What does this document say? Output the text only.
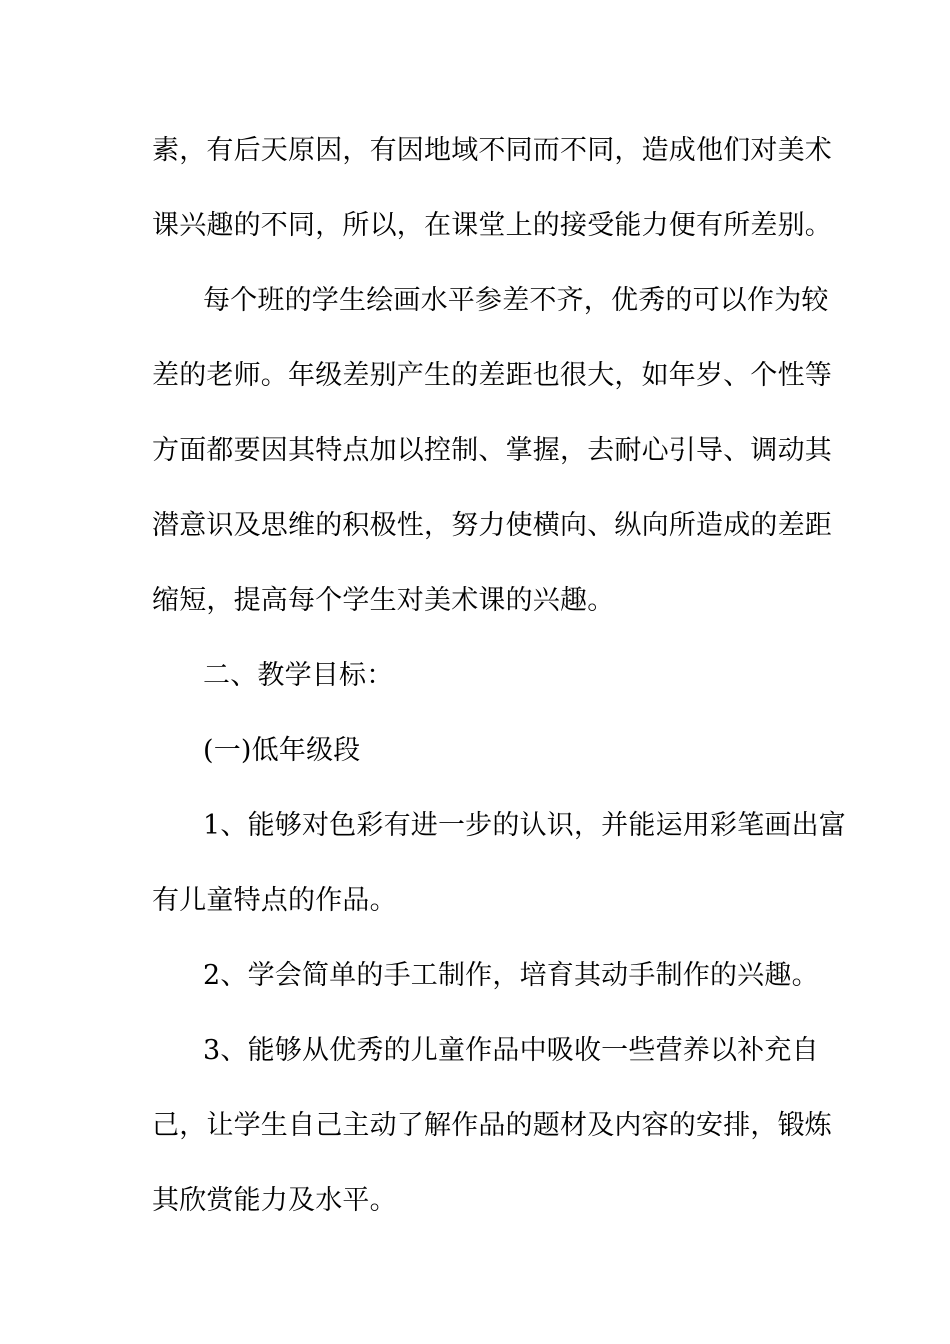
素，有后天原因，有因地域不同而不同，造成他们对美术
课兴趣的不同，所以，在课堂上的接受能力便有所差别。
每个班的学生绘画水平参差不齐，优秀的可以作为较
差的老师。年级差别产生的差距也很大，如年岁、个性等
方面都要因其特点加以控制、掌握，去耐心引导、调动其
潜意识及思维的积极性，努力使横向、纵向所造成的差距
缩短，提高每个学生对美术课的兴趣。
二、教学目标：
(一)低年级段
1、能够对色彩有进一步的认识，并能运用彩笔画出富
有儿童特点的作品。
2、学会简单的手工制作，培育其动手制作的兴趣。
3、能够从优秀的儿童作品中吸收一些营养以补充自
己，让学生自己主动了解作品的题材及内容的安排，锻炼
其欣赏能力及水平。
